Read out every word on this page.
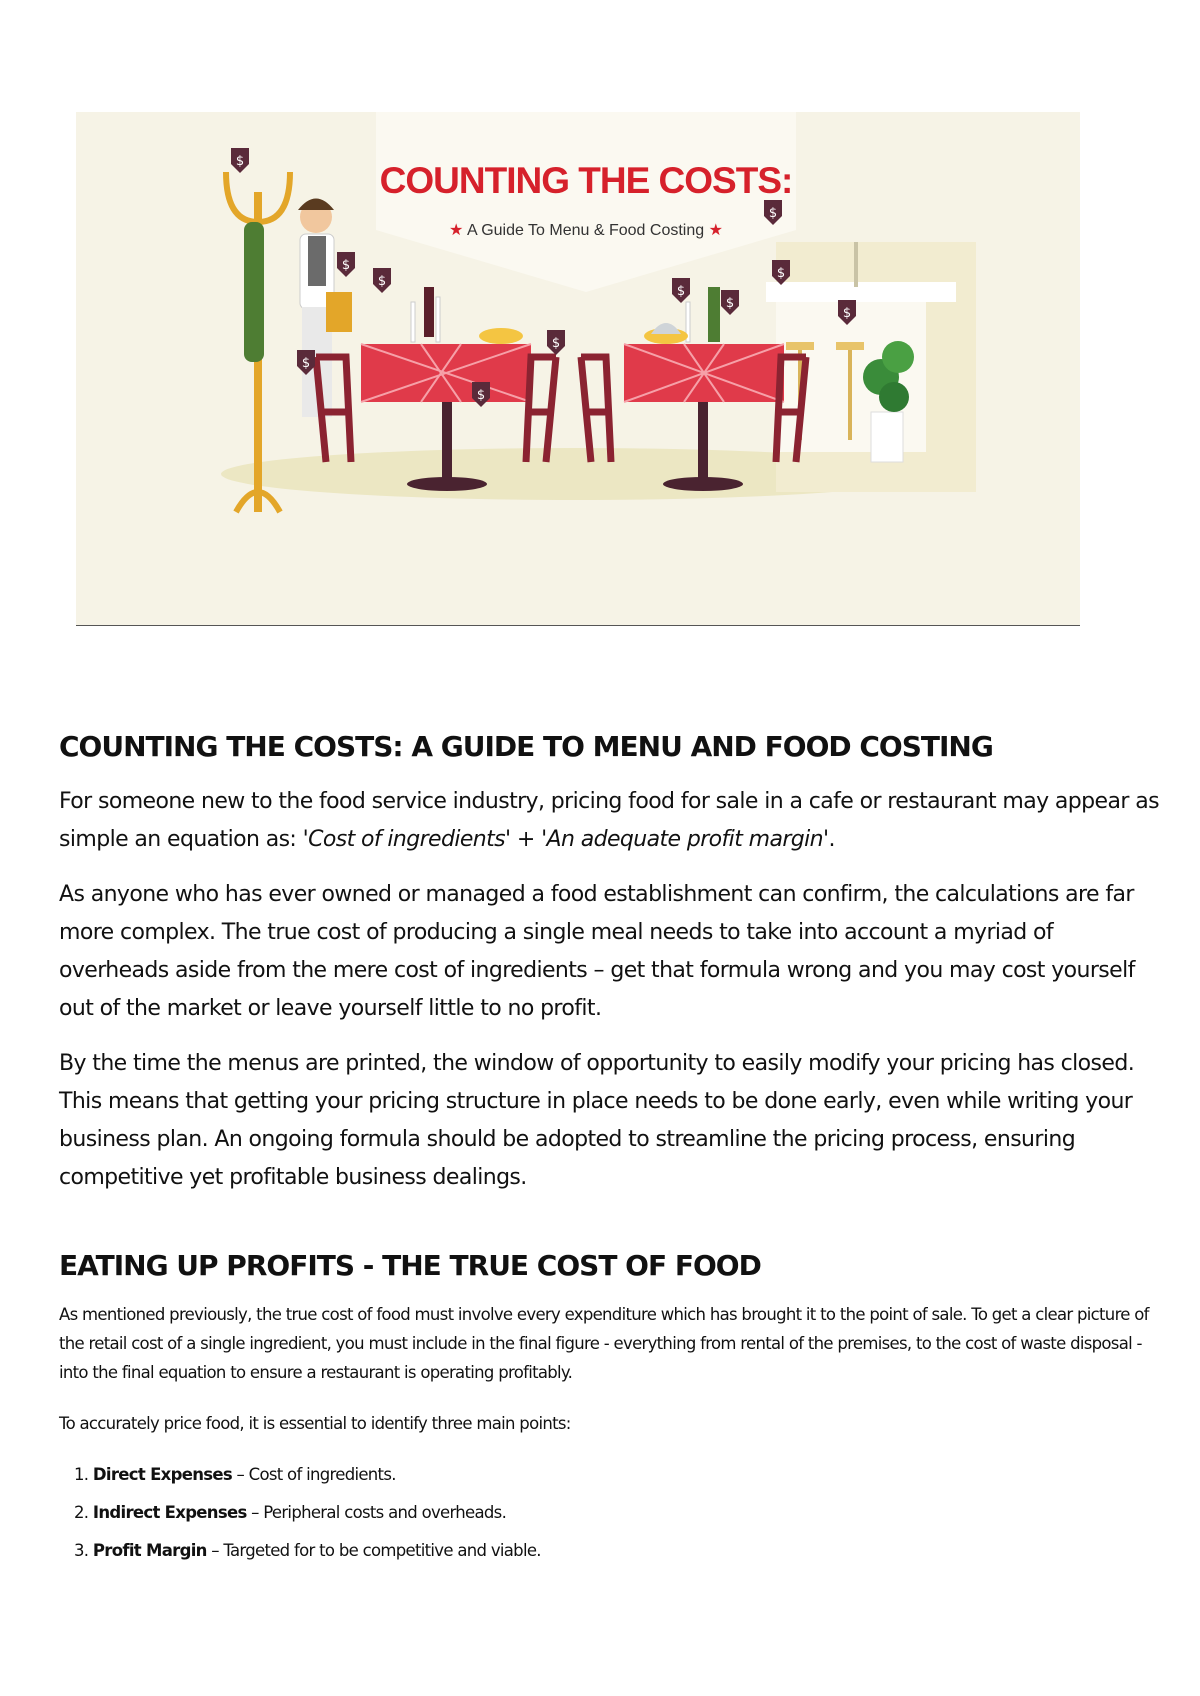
$
$
$
$
$
$
$
$
$
$
$
COUNTING THE COSTS:
★ A Guide To Menu & Food Costing ★
COUNTING THE COSTS: A GUIDE TO MENU AND FOOD COSTING

For someone new to the food service industry, pricing food for sale in a cafe or restaurant may appear as simple an equation as: 'Cost of ingredients' + 'An adequate profit margin'.

As anyone who has ever owned or managed a food establishment can confirm, the calculations are far more complex. The true cost of producing a single meal needs to take into account a myriad of overheads aside from the mere cost of ingredients – get that formula wrong and you may cost yourself out of the market or leave yourself little to no profit.

By the time the menus are printed, the window of opportunity to easily modify your pricing has closed. This means that getting your pricing structure in place needs to be done early, even while writing your business plan. An ongoing formula should be adopted to streamline the pricing process, ensuring competitive yet profitable business dealings.

EATING UP PROFITS - THE TRUE COST OF FOOD

As mentioned previously, the true cost of food must involve every expenditure which has brought it to the point of sale. To get a clear picture of the retail cost of a single ingredient, you must include in the final figure - everything from rental of the premises, to the cost of waste disposal - into the final equation to ensure a restaurant is operating profitably.

To accurately price food, it is essential to identify three main points:

1. Direct Expenses – Cost of ingredients.
2. Indirect Expenses – Peripheral costs and overheads.
3. Profit Margin – Targeted for to be competitive and viable.
